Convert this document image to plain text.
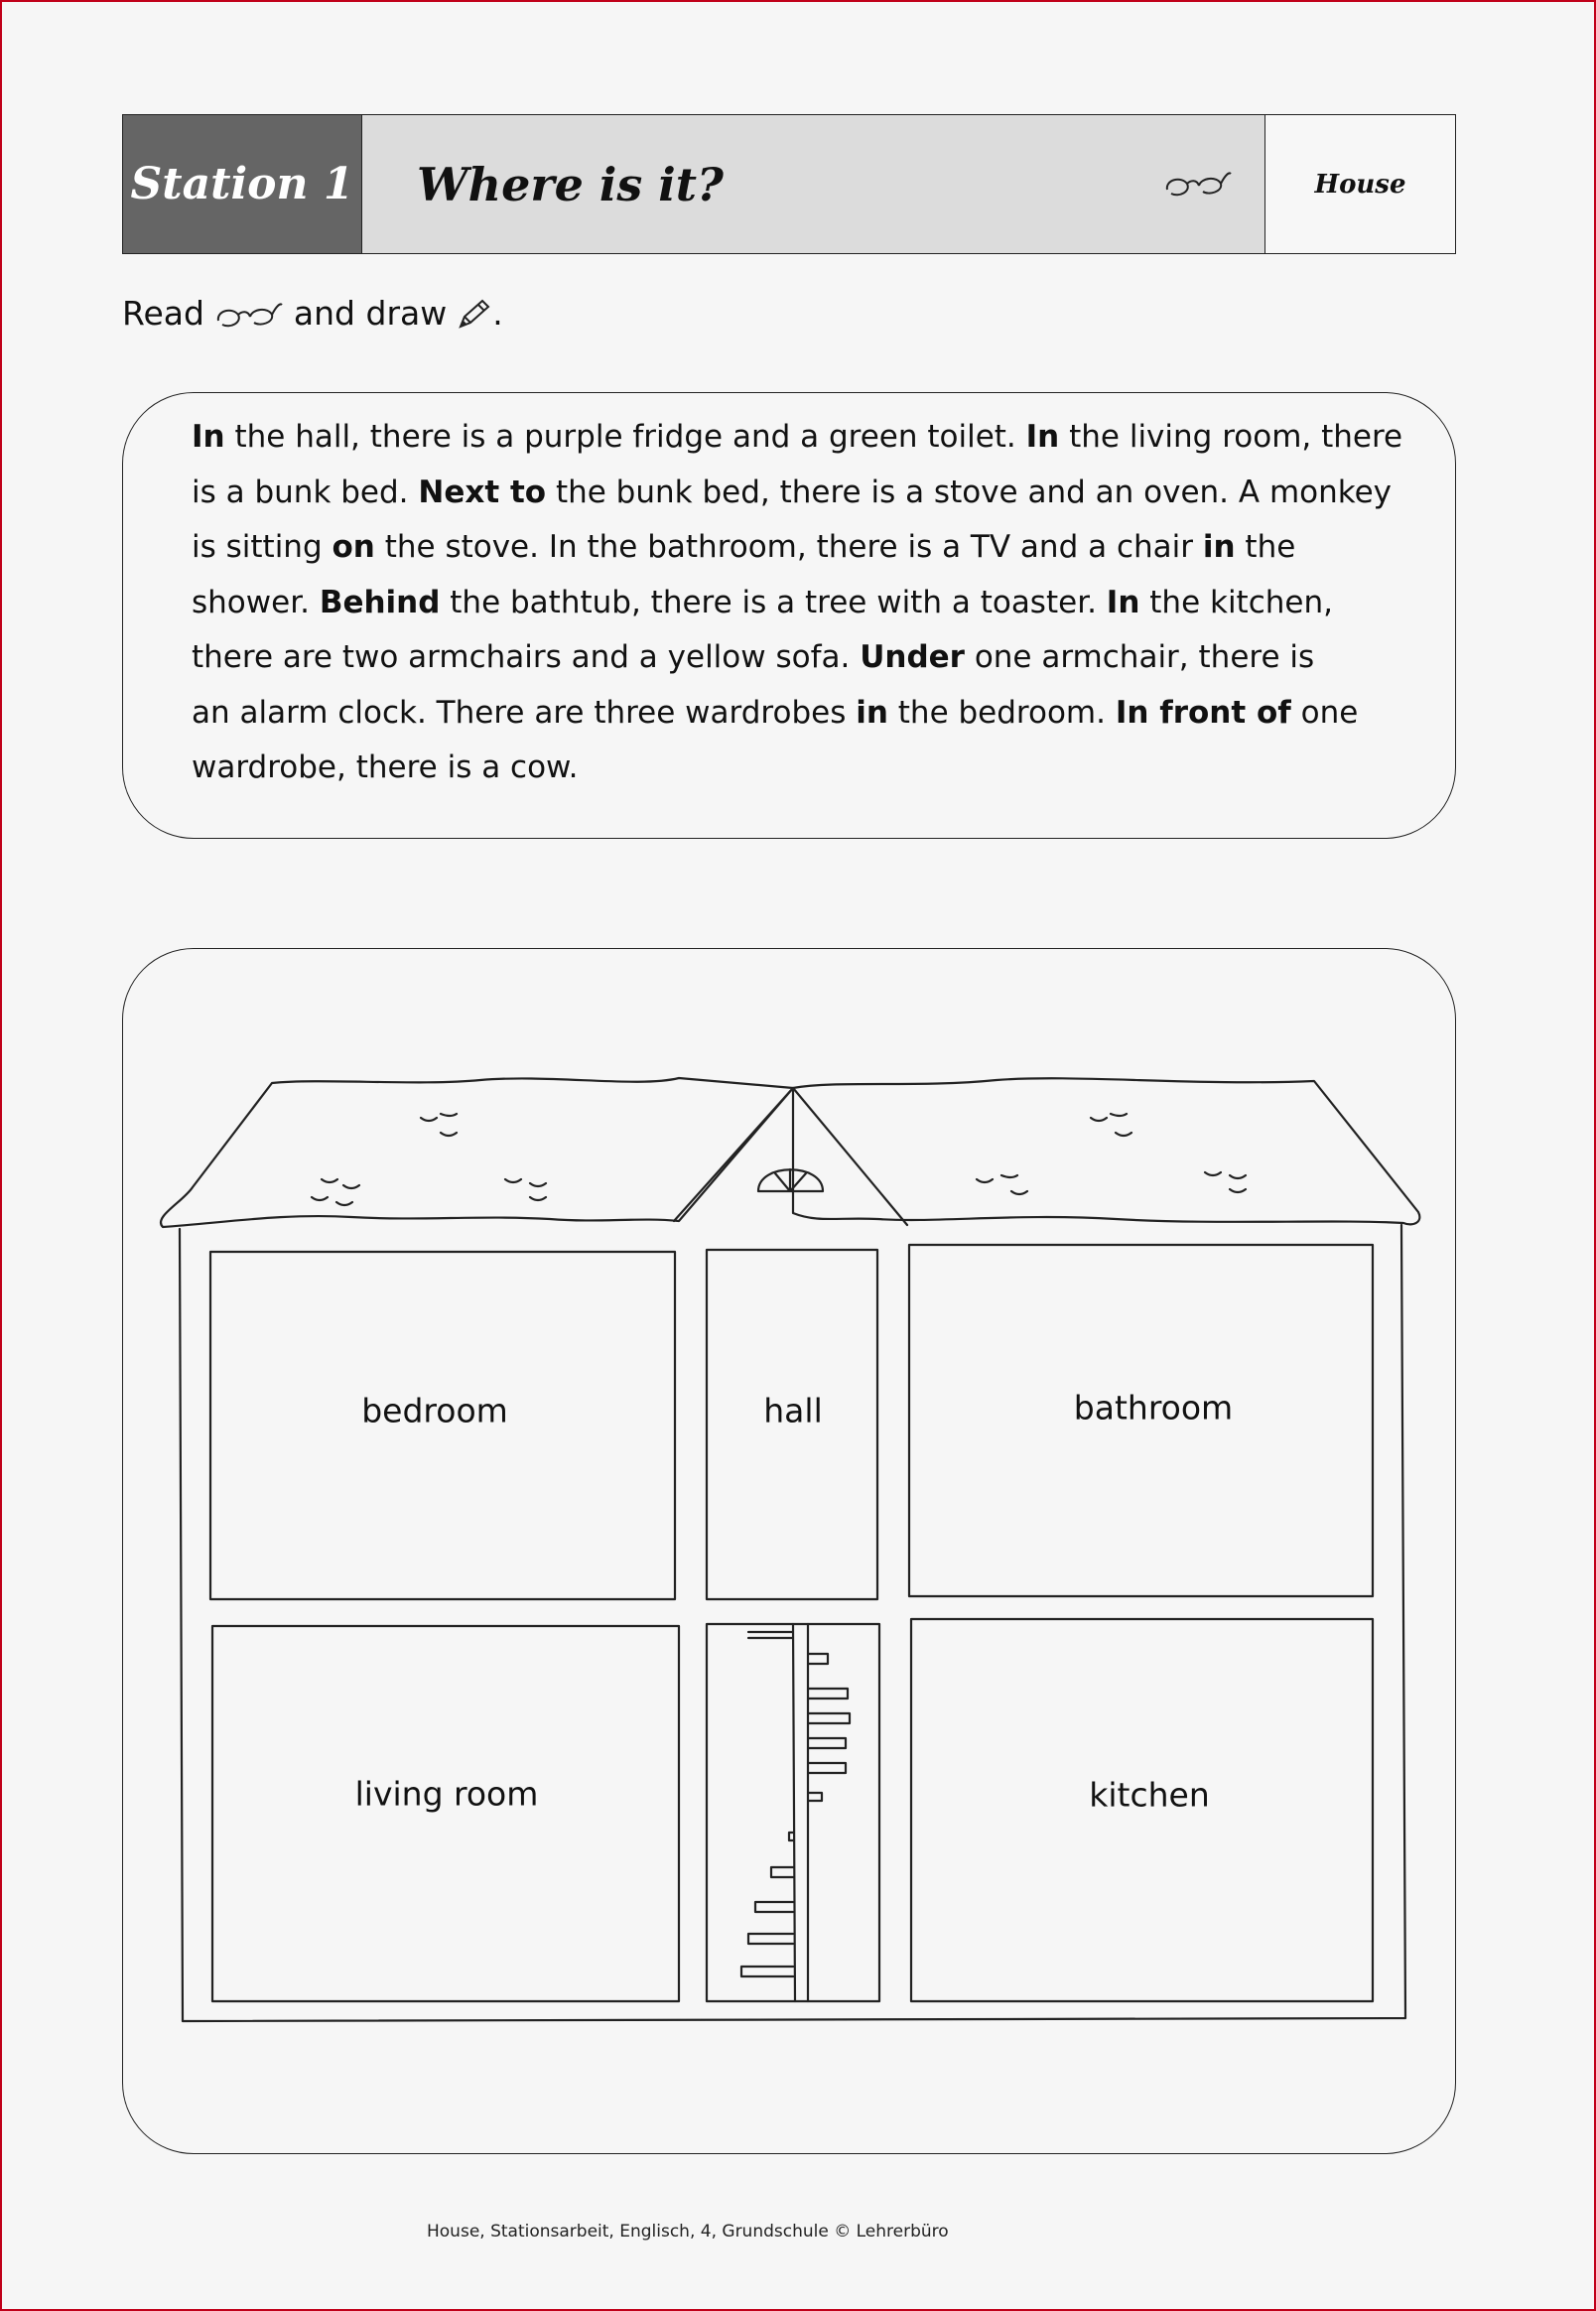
Station 1 Where is it?	House
Read	and draw .
In the hall, there is a purple fridge and a green toilet. In the living room, there
is a bunk bed. Next to the bunk bed, there is a stove and an oven. A monkey
is sitting on the stove. In the bathroom, there is a TV and a chair in the
shower. Behind the bathtub, there is a tree with a toaster. In the kitchen,
there are two armchairs and a yellow sofa. Under one armchair, there is
an alarm clock. There are three wardrobes in the bedroom. In front of one
wardrobe, there is a cow.
bedroom	hall	bathroom
living room	kitchen
House, Stationsarbeit, Englisch, 4, Grundschule © Lehrerbüro
